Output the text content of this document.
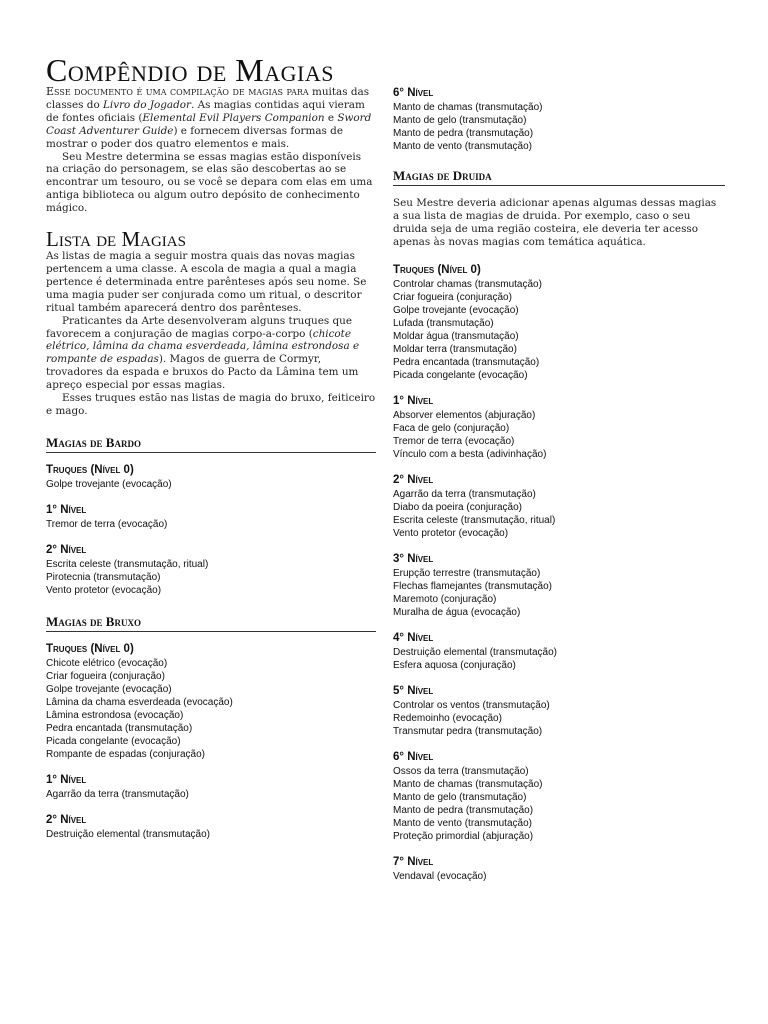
Compêndio de Magias

Esse documento é uma compilação de magias para muitas das classes do Livro do Jogador. As magias contidas aqui vieram de fontes oficiais (Elemental Evil Players Companion e Sword Coast Adventurer Guide) e fornecem diversas formas de mostrar o poder dos quatro elementos e mais.

Seu Mestre determina se essas magias estão disponíveis na criação do personagem, se elas são descobertas ao se encontrar um tesouro, ou se você se depara com elas em uma antiga biblioteca ou algum outro depósito de conhecimento mágico.

Lista de Magias

As listas de magia a seguir mostra quais das novas magias pertencem a uma classe. A escola de magia a qual a magia pertence é determinada entre parênteses após seu nome. Se uma magia puder ser conjurada como um ritual, o descritor ritual também aparecerá dentro dos parênteses.

Praticantes da Arte desenvolveram alguns truques que favorecem a conjuração de magias corpo-a-corpo (chicote elétrico, lâmina da chama esverdeada, lâmina estrondosa e rompante de espadas). Magos de guerra de Cormyr, trovadores da espada e bruxos do Pacto da Lâmina tem um apreço especial por essas magias.

Esses truques estão nas listas de magia do bruxo, feiticeiro e mago.

Magias de Bardo
Truques (Nível 0)

Golpe trovejante (evocação)

1° Nível

Tremor de terra (evocação)

2° Nível

Escrita celeste (transmutação, ritual)

Pirotecnia (transmutação)

Vento protetor (evocação)

Magias de Bruxo
Truques (Nível 0)

Chicote elétrico (evocação)

Criar fogueira (conjuração)

Golpe trovejante (evocação)

Lâmina da chama esverdeada (evocação)

Lâmina estrondosa (evocação)

Pedra encantada (transmutação)

Picada congelante (evocação)

Rompante de espadas (conjuração)

1° Nível

Agarrão da terra (transmutação)

2° Nível

Destruição elemental (transmutação)

6° Nível

Manto de chamas (transmutação)

Manto de gelo (transmutação)

Manto de pedra (transmutação)

Manto de vento (transmutação)

Magias de Druida

Seu Mestre deveria adicionar apenas algumas dessas magias a sua lista de magias de druida. Por exemplo, caso o seu druida seja de uma região costeira, ele deveria ter acesso apenas às novas magias com temática aquática.

Truques (Nível 0)

Controlar chamas (transmutação)

Criar fogueira (conjuração)

Golpe trovejante (evocação)

Lufada (transmutação)

Moldar água (transmutação)

Moldar terra (transmutação)

Pedra encantada (transmutação)

Picada congelante (evocação)

1° Nível

Absorver elementos (abjuração)

Faca de gelo (conjuração)

Tremor de terra (evocação)

Vínculo com a besta (adivinhação)

2° Nível

Agarrão da terra (transmutação)

Diabo da poeira (conjuração)

Escrita celeste (transmutação, ritual)

Vento protetor (evocação)

3° Nível

Erupção terrestre (transmutação)

Flechas flamejantes (transmutação)

Maremoto (conjuração)

Muralha de água (evocação)

4° Nível

Destruição elemental (transmutação)

Esfera aquosa (conjuração)

5° Nível

Controlar os ventos (transmutação)

Redemoinho (evocação)

Transmutar pedra (transmutação)

6° Nível

Ossos da terra (transmutação)

Manto de chamas (transmutação)

Manto de gelo (transmutação)

Manto de pedra (transmutação)

Manto de vento (transmutação)

Proteção primordial (abjuração)

7° Nível

Vendaval (evocação)
